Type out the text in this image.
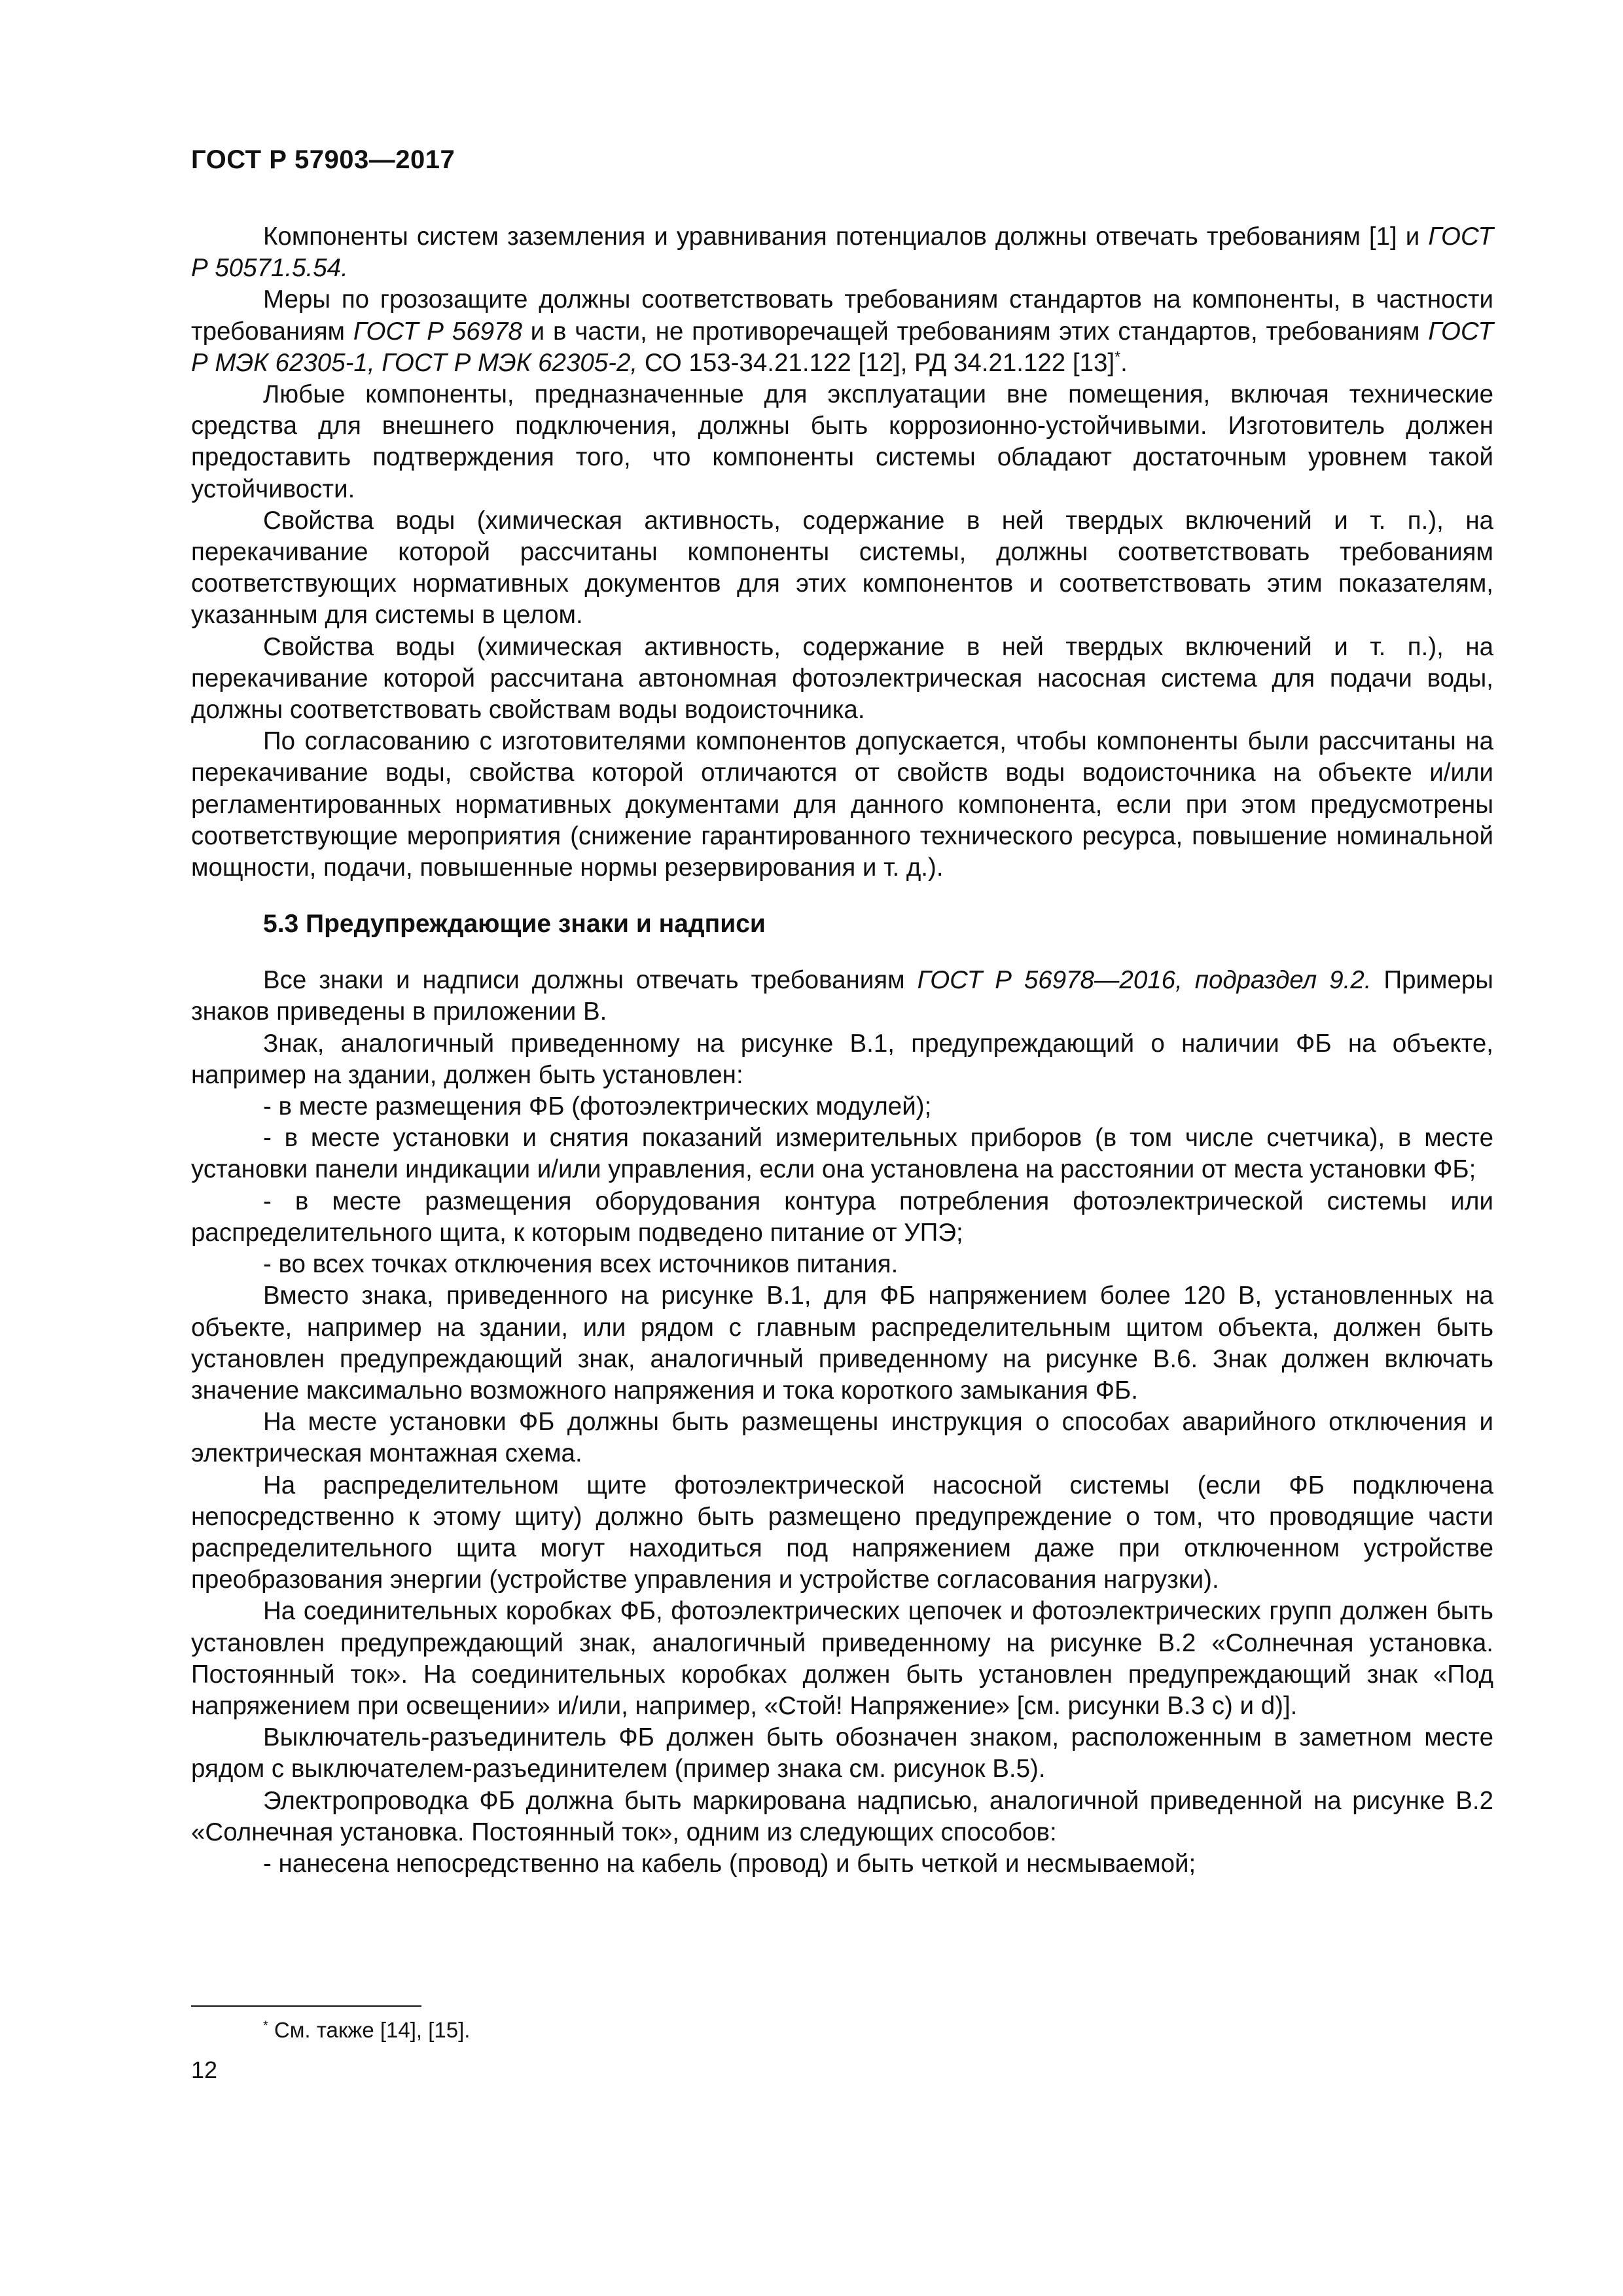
ГОСТ Р 57903—2017

Компоненты систем заземления и уравнивания потенциалов должны отвечать требованиям [1] и ГОСТ Р 50571.5.54.

Меры по грозозащите должны соответствовать требованиям стандартов на компоненты, в частности требованиям ГОСТ Р 56978 и в части, не противоречащей требованиям этих стандартов, требованиям ГОСТ Р МЭК 62305-1, ГОСТ Р МЭК 62305-2, СО 153-34.21.122 [12], РД 34.21.122 [13]*.

Любые компоненты, предназначенные для эксплуатации вне помещения, включая технические средства для внешнего подключения, должны быть коррозионно-устойчивыми. Изготовитель должен предоставить подтверждения того, что компоненты системы обладают достаточным уровнем такой устойчивости.

Свойства воды (химическая активность, содержание в ней твердых включений и т. п.), на перекачивание которой рассчитаны компоненты системы, должны соответствовать требованиям соответствующих нормативных документов для этих компонентов и соответствовать этим показателям, указанным для системы в целом.

Свойства воды (химическая активность, содержание в ней твердых включений и т. п.), на перекачивание которой рассчитана автономная фотоэлектрическая насосная система для подачи воды, должны соответствовать свойствам воды водоисточника.

По согласованию с изготовителями компонентов допускается, чтобы компоненты были рассчитаны на перекачивание воды, свойства которой отличаются от свойств воды водоисточника на объекте и/или регламентированных нормативных документами для данного компонента, если при этом предусмотрены соответствующие мероприятия (снижение гарантированного технического ресурса, повышение номинальной мощности, подачи, повышенные нормы резервирования и т. д.).

5.3 Предупреждающие знаки и надписи

Все знаки и надписи должны отвечать требованиям ГОСТ Р 56978—2016, подраздел 9.2. Примеры знаков приведены в приложении В.

Знак, аналогичный приведенному на рисунке В.1, предупреждающий о наличии ФБ на объекте, например на здании, должен быть установлен:

- в месте размещения ФБ (фотоэлектрических модулей);

- в месте установки и снятия показаний измерительных приборов (в том числе счетчика), в месте установки панели индикации и/или управления, если она установлена на расстоянии от места установки ФБ;

- в месте размещения оборудования контура потребления фотоэлектрической системы или распределительного щита, к которым подведено питание от УПЭ;

- во всех точках отключения всех источников питания.

Вместо знака, приведенного на рисунке В.1, для ФБ напряжением более 120 В, установленных на объекте, например на здании, или рядом с главным распределительным щитом объекта, должен быть установлен предупреждающий знак, аналогичный приведенному на рисунке В.6. Знак должен включать значение максимально возможного напряжения и тока короткого замыкания ФБ.

На месте установки ФБ должны быть размещены инструкция о способах аварийного отключения и электрическая монтажная схема.

На распределительном щите фотоэлектрической насосной системы (если ФБ подключена непосредственно к этому щиту) должно быть размещено предупреждение о том, что проводящие части распределительного щита могут находиться под напряжением даже при отключенном устройстве преобразования энергии (устройстве управления и устройстве согласования нагрузки).

На соединительных коробках ФБ, фотоэлектрических цепочек и фотоэлектрических групп должен быть установлен предупреждающий знак, аналогичный приведенному на рисунке В.2 «Солнечная установка. Постоянный ток». На соединительных коробках должен быть установлен предупреждающий знак «Под напряжением при освещении» и/или, например, «Стой! Напряжение» [см. рисунки В.3 с) и d)].

Выключатель-разъединитель ФБ должен быть обозначен знаком, расположенным в заметном месте рядом с выключателем-разъединителем (пример знака см. рисунок В.5).

Электропроводка ФБ должна быть маркирована надписью, аналогичной приведенной на рисунке В.2 «Солнечная установка. Постоянный ток», одним из следующих способов:

- нанесена непосредственно на кабель (провод) и быть четкой и несмываемой;

* См. также [14], [15].
12
